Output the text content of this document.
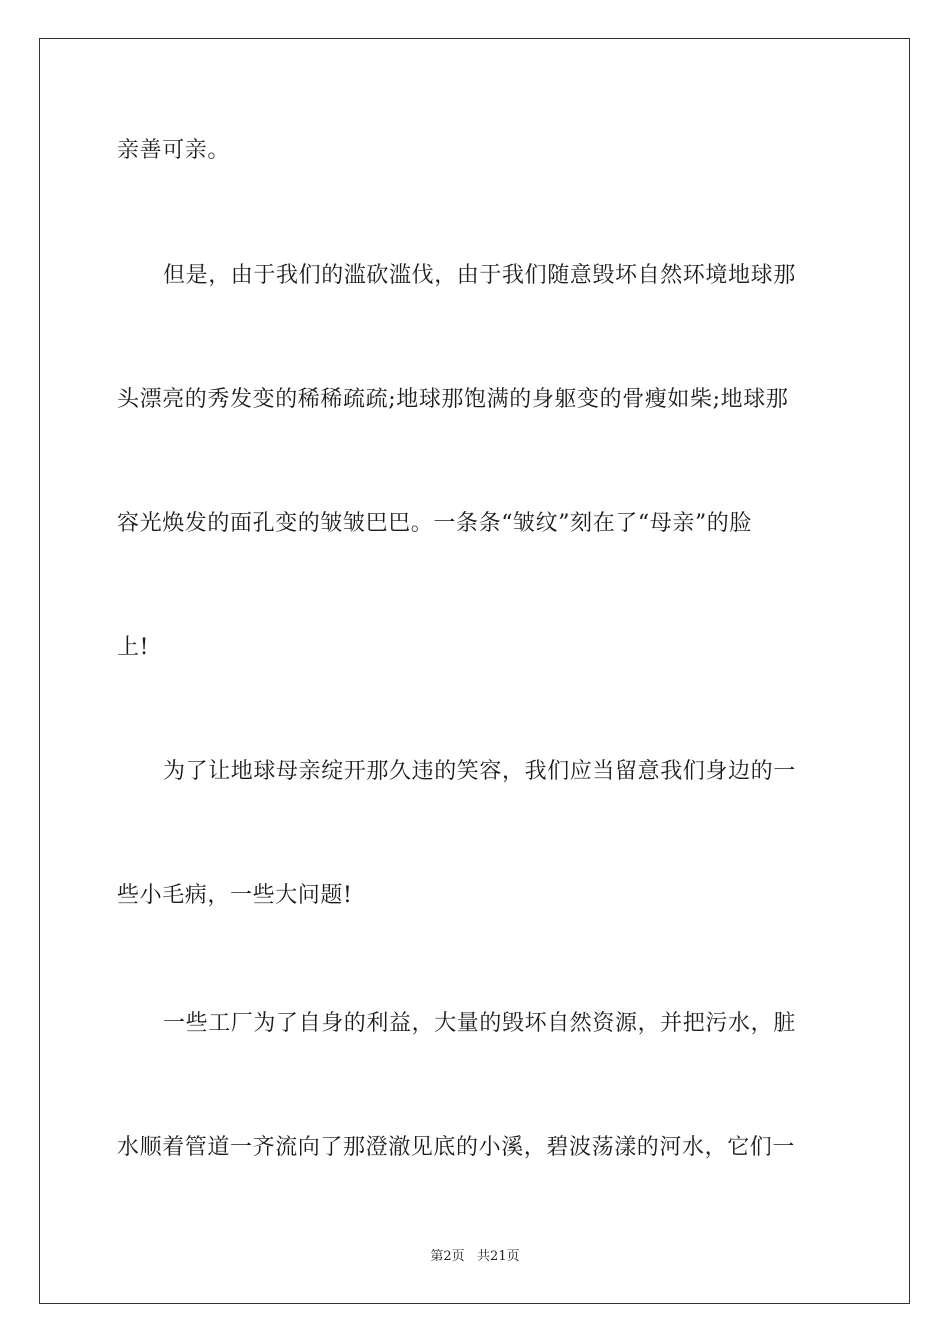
亲善可亲。
但是，由于我们的滥砍滥伐，由于我们随意毁坏自然环境地球那
头漂亮的秀发变的稀稀疏疏;地球那饱满的身躯变的骨瘦如柴;地球那
容光焕发的面孔变的皱皱巴巴。一条条“皱纹”刻在了“母亲”的脸
上!
为了让地球母亲绽开那久违的笑容，我们应当留意我们身边的一
些小毛病，一些大问题!
一些工厂为了自身的利益，大量的毁坏自然资源，并把污水，脏
水顺着管道一齐流向了那澄澈见底的小溪，碧波荡漾的河水，它们一
第2页   共21页
